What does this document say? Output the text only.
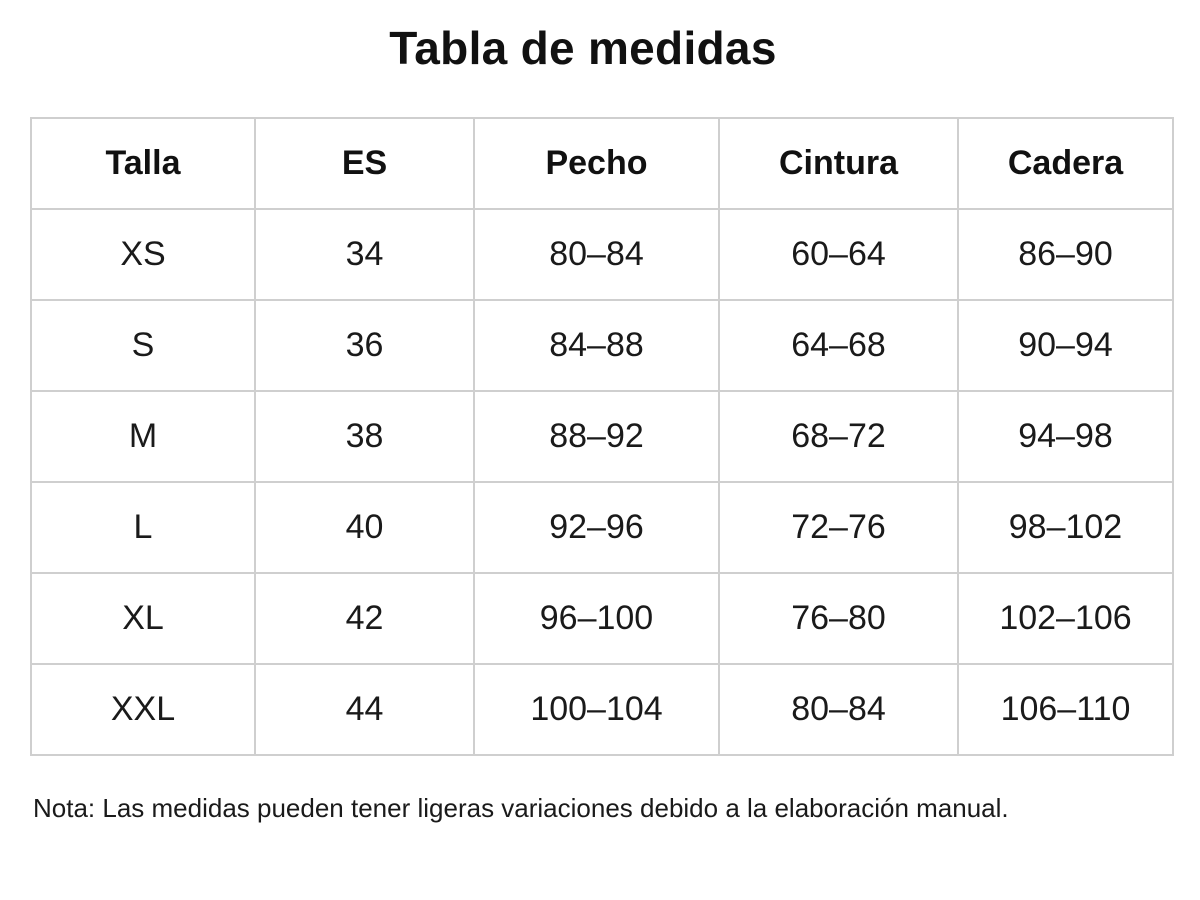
Tabla de medidas
Talla	ES	Pecho	Cintura	Cadera
XS	34	80–84	60–64	86–90
S	36	84–88	64–68	90–94
M	38	88–92	68–72	94–98
L	40	92–96	72–76	98–102
XL	42	96–100	76–80	102–106
XXL	44	100–104	80–84	106–110

Nota: Las medidas pueden tener ligeras variaciones debido a la elaboración manual.
